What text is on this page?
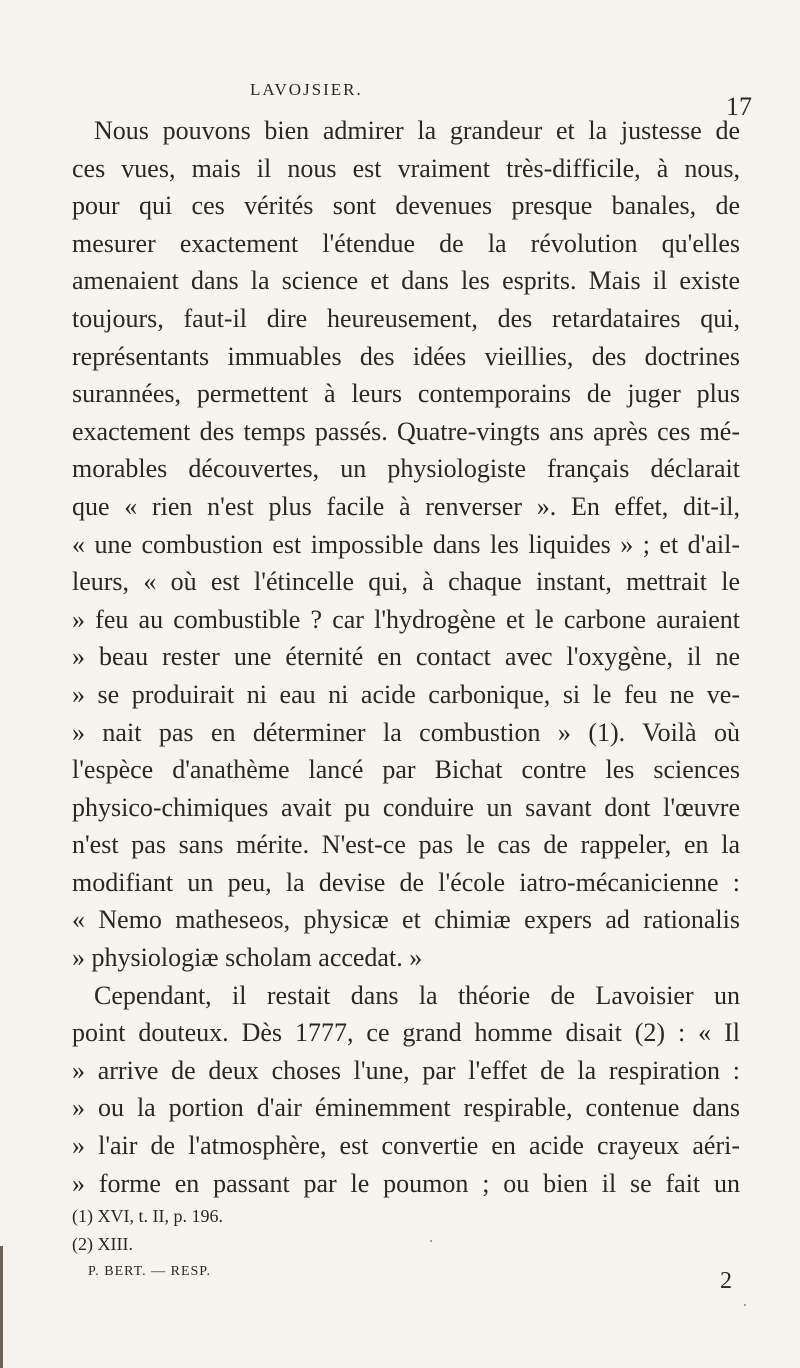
LAVOJSIER.
17
Nous pouvons bien admirer la grandeur et la justesse de
ces vues, mais il nous est vraiment très-difficile, à nous,
pour qui ces vérités sont devenues presque banales, de
mesurer exactement l'étendue de la révolution qu'elles
amenaient dans la science et dans les esprits. Mais il existe
toujours, faut-il dire heureusement, des retardataires qui,
représentants immuables des idées vieillies, des doctrines
surannées, permettent à leurs contemporains de juger plus
exactement des temps passés. Quatre-vingts ans après ces mé-
morables découvertes, un physiologiste français déclarait
que « rien n'est plus facile à renverser ». En effet, dit-il,
« une combustion est impossible dans les liquides » ; et d'ail-
leurs, « où est l'étincelle qui, à chaque instant, mettrait le
» feu au combustible ? car l'hydrogène et le carbone auraient
» beau rester une éternité en contact avec l'oxygène, il ne
» se produirait ni eau ni acide carbonique, si le feu ne ve-
» nait pas en déterminer la combustion » (1). Voilà où
l'espèce d'anathème lancé par Bichat contre les sciences
physico-chimiques avait pu conduire un savant dont l'œuvre
n'est pas sans mérite. N'est-ce pas le cas de rappeler, en la
modifiant un peu, la devise de l'école iatro-mécanicienne :
« Nemo matheseos, physicæ et chimiæ expers ad rationalis
» physiologiæ scholam accedat. »
Cependant, il restait dans la théorie de Lavoisier un
point douteux. Dès 1777, ce grand homme disait (2) : « Il
» arrive de deux choses l'une, par l'effet de la respiration :
» ou la portion d'air éminemment respirable, contenue dans
» l'air de l'atmosphère, est convertie en acide crayeux aéri-
» forme en passant par le poumon ; ou bien il se fait un
(1) XVI, t. II, p. 196.
(2) XIII.
P. BERT. — RESP.	2
